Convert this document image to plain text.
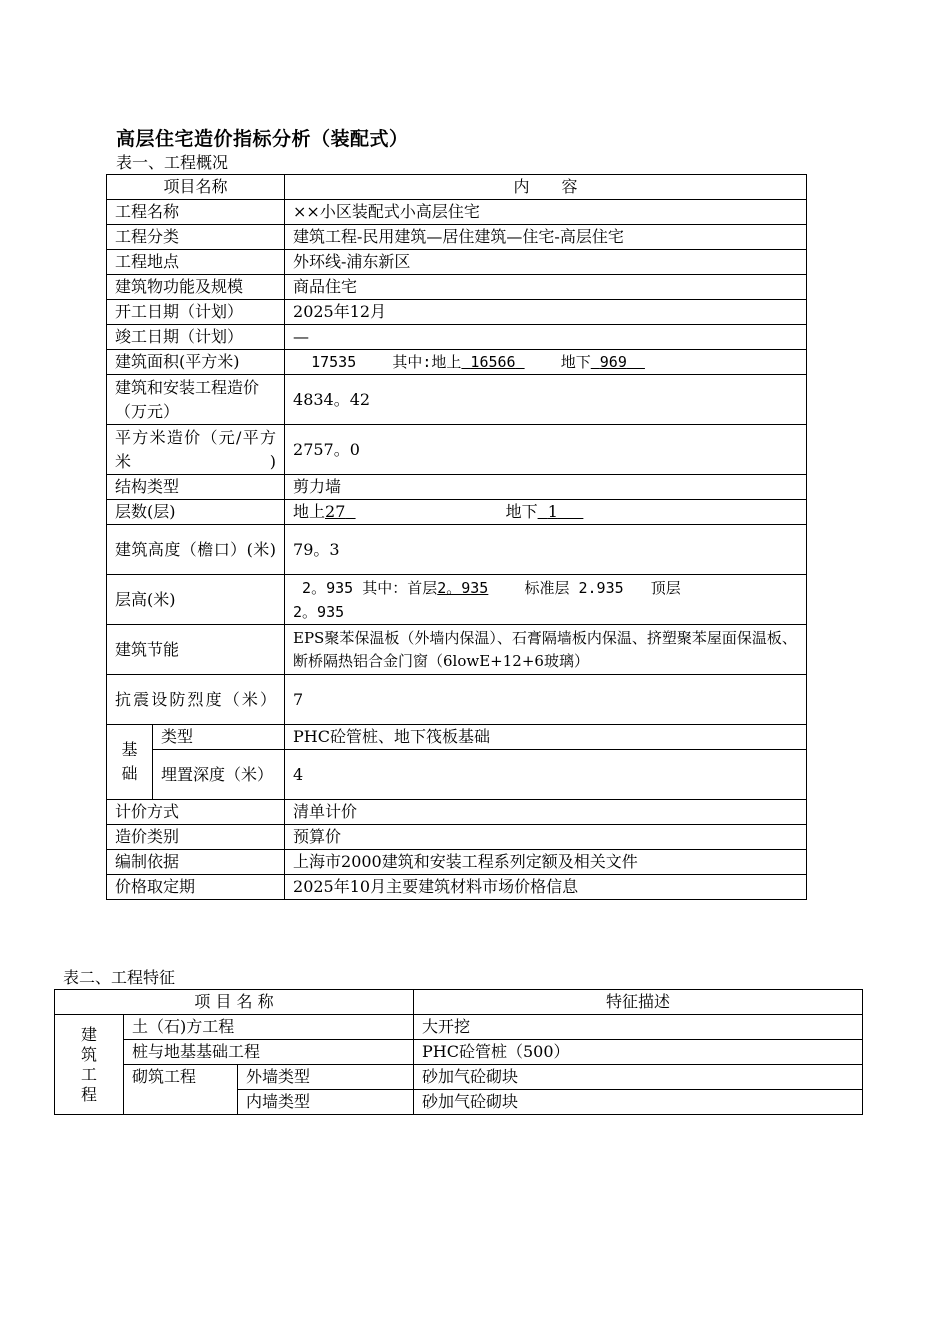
高层住宅造价指标分析（装配式）
表一、工程概况
项目名称		内　　容
工程名称		××小区装配式小高层住宅
工程分类		建筑工程-民用建筑—居住建筑—住宅-高层住宅
工程地点		外环线-浦东新区
建筑物功能及规模		商品住宅
开工日期（计划）		2025年12月
竣工日期（计划）		—
建筑面积(平方米)		17535 其中:地上 16566 地下 969
建筑和安装工程造价（万元）		4834。42
平方米造价（元/平方米)		2757。0
结构类型		剪力墙
层数(层)		地上27 地下 1
建筑高度（檐口）(米)		79。3
层高(米)		2。935 其中：首层2。935 标准层 2.935 顶层
2。935
建筑节能		EPS聚苯保温板（外墙内保温）、石膏隔墙板内保温、挤塑聚苯屋面保温板、断桥隔热铝合金门窗（6lowE+12+6玻璃）
抗震设防烈度（米）		7

基础	类型	PHC砼管桩、地下筏板基础
	埋置深度（米）	4
计价方式		清单计价
造价类别		预算价
编制依据		上海市2000建筑和安装工程系列定额及相关文件
价格取定期		2025年10月主要建筑材料市场价格信息
表二、工程特征
项 目 名 称			特征描述

建筑工程	土（石)方工程		大开挖
	桩与地基基础工程		PHC砼管桩（500）
	砌筑工程	外墙类型	砂加气砼砌块
		内墙类型	砂加气砼砌块
